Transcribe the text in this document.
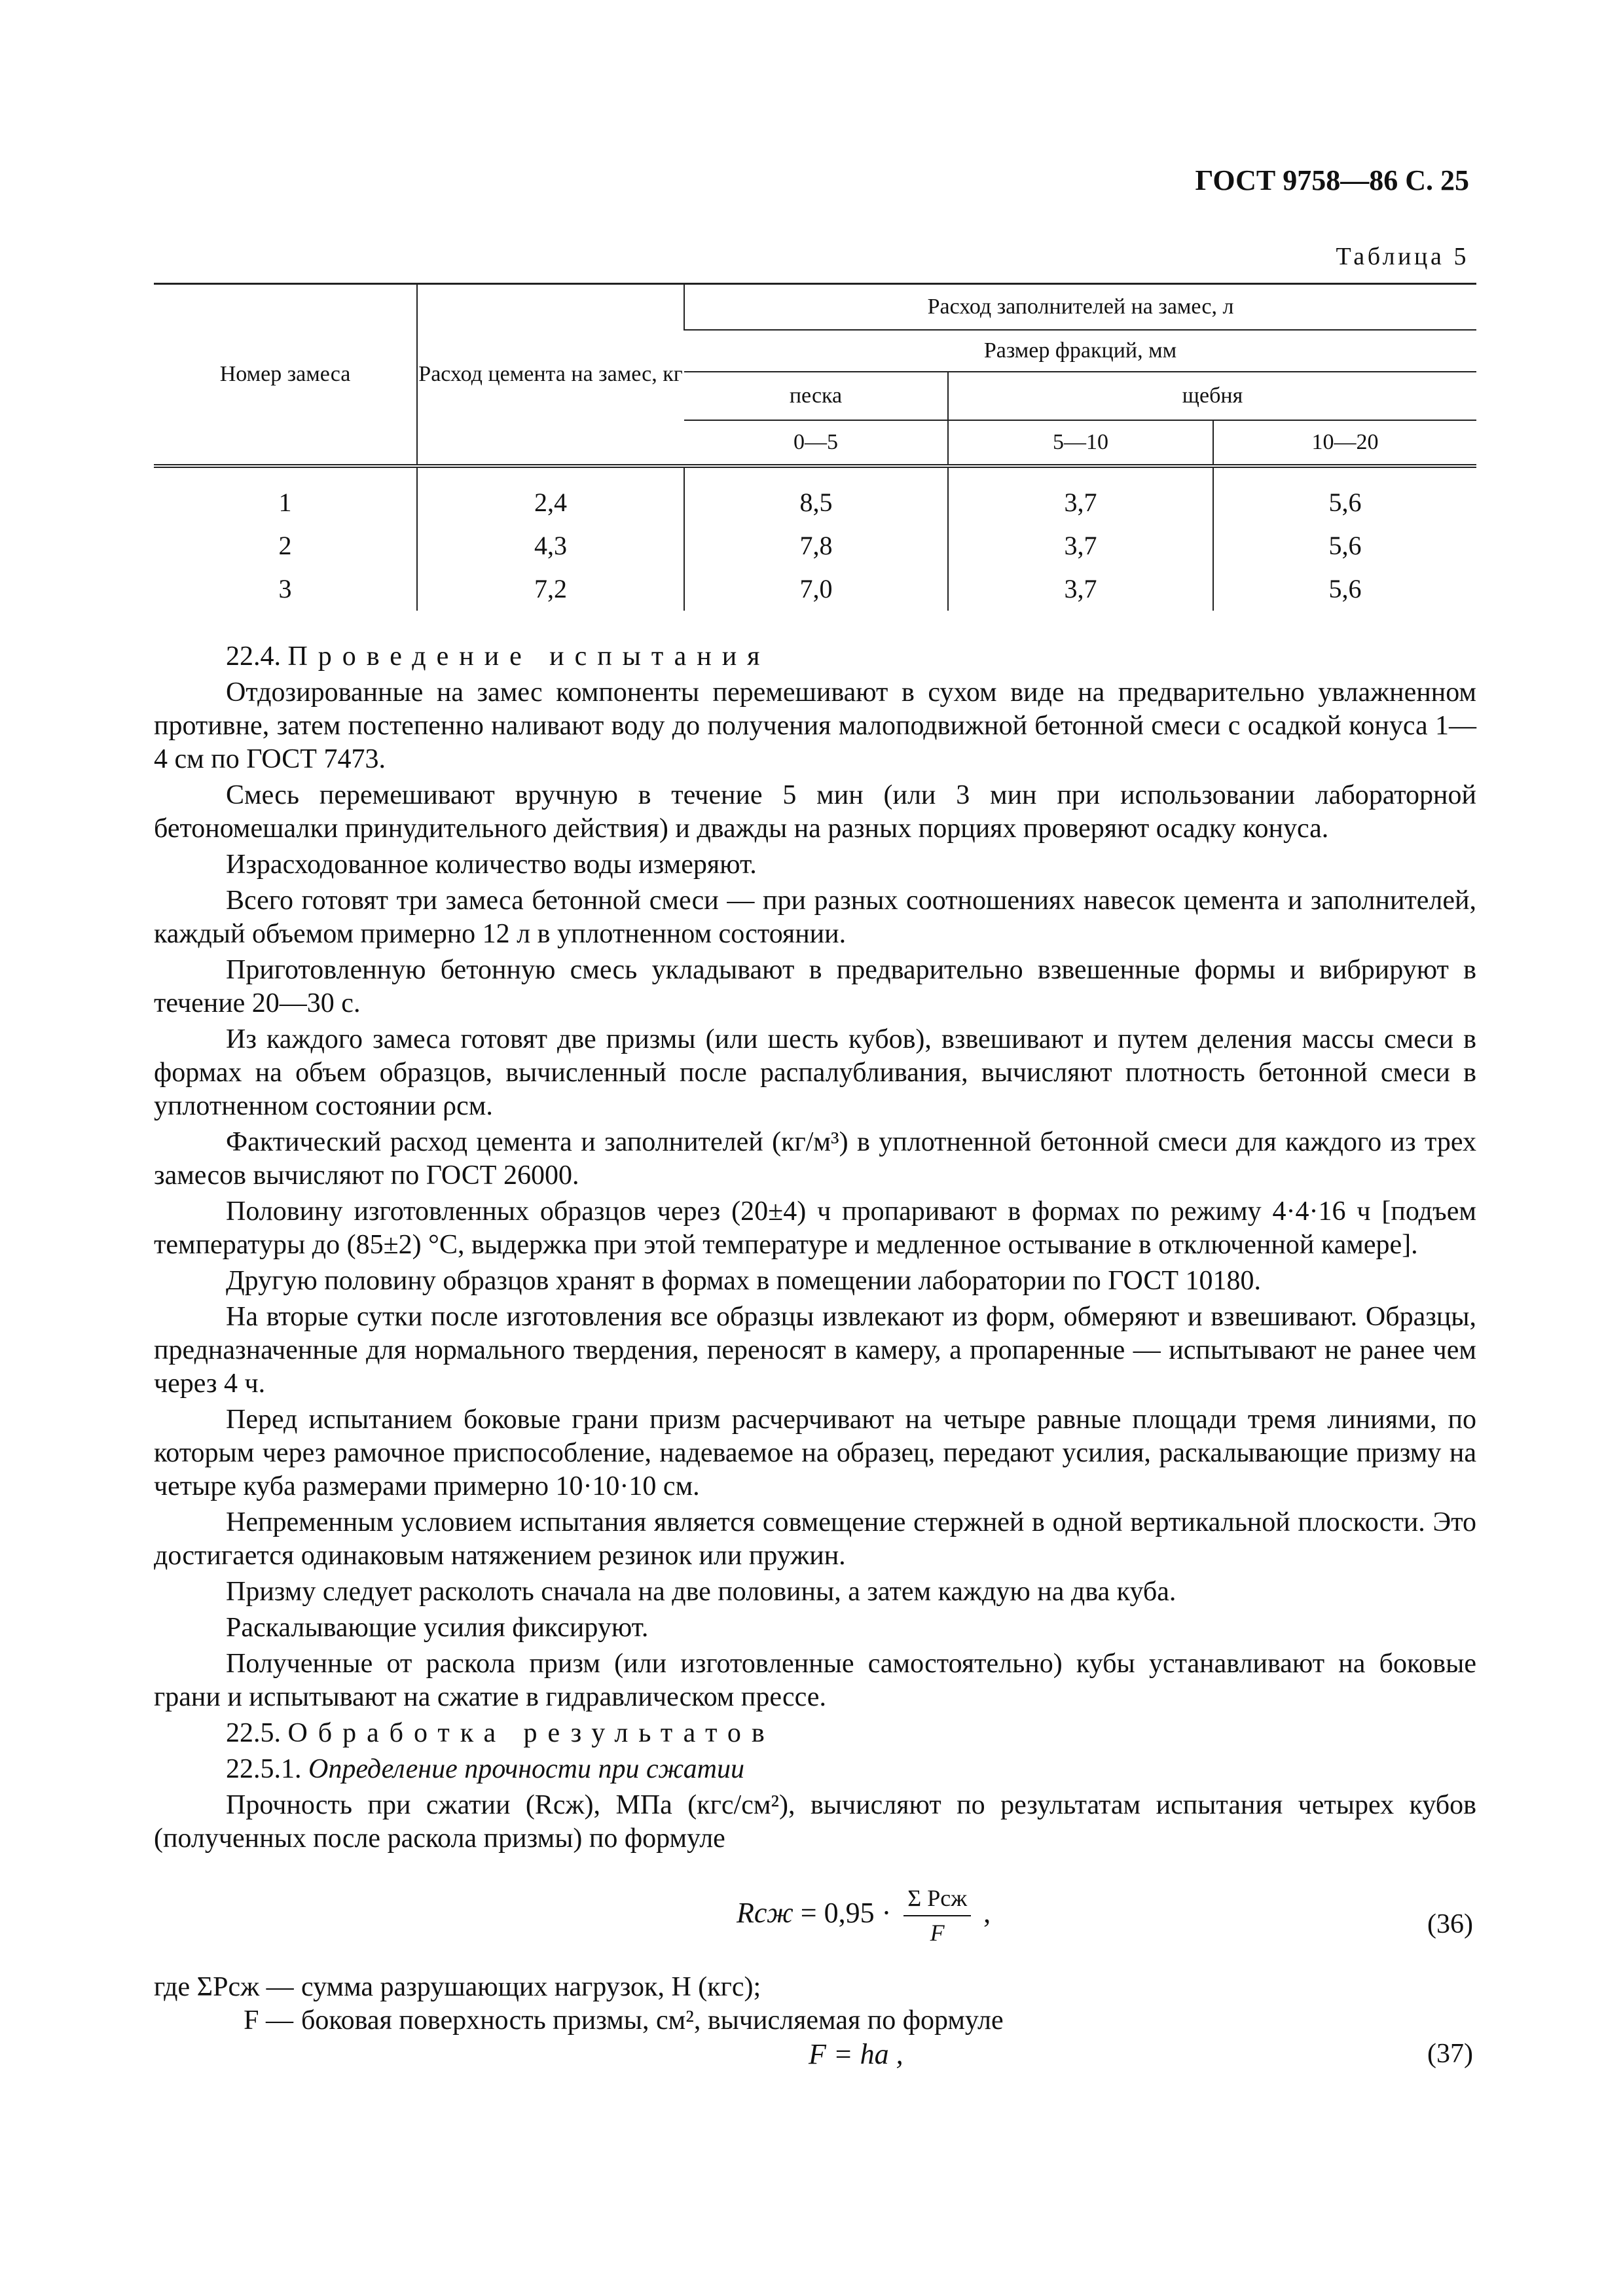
ГОСТ 9758—86 С. 25
Таблица 5
Номер замеса	Расход цемента на замес, кг	Расход заполнителей на замес, л		
		Размер фракций, мм		
		песка	щебня	
		0—5	5—10	10—20

1	2,4	8,5	3,7	5,6
2	4,3	7,8	3,7	5,6
3	7,2	7,0	3,7	5,6

22.4. Проведение испытания

Отдозированные на замес компоненты перемешивают в сухом виде на предварительно увлажненном противне, затем постепенно наливают воду до получения малоподвижной бетонной смеси с осадкой конуса 1—4 см по ГОСТ 7473.

Смесь перемешивают вручную в течение 5 мин (или 3 мин при использовании лабораторной бетономешалки принудительного действия) и дважды на разных порциях проверяют осадку конуса.

Израсходованное количество воды измеряют.

Всего готовят три замеса бетонной смеси — при разных соотношениях навесок цемента и заполнителей, каждый объемом примерно 12 л в уплотненном состоянии.

Приготовленную бетонную смесь укладывают в предварительно взвешенные формы и вибрируют в течение 20—30 с.

Из каждого замеса готовят две призмы (или шесть кубов), взвешивают и путем деления массы смеси в формах на объем образцов, вычисленный после распалубливания, вычисляют плотность бетонной смеси в уплотненном состоянии ρсм.

Фактический расход цемента и заполнителей (кг/м³) в уплотненной бетонной смеси для каждого из трех замесов вычисляют по ГОСТ 26000.

Половину изготовленных образцов через (20±4) ч пропаривают в формах по режиму 4·4·16 ч [подъем температуры до (85±2) °С, выдержка при этой температуре и медленное остывание в отключенной камере].

Другую половину образцов хранят в формах в помещении лаборатории по ГОСТ 10180.

На вторые сутки после изготовления все образцы извлекают из форм, обмеряют и взвешивают. Образцы, предназначенные для нормального твердения, переносят в камеру, а пропаренные — испытывают не ранее чем через 4 ч.

Перед испытанием боковые грани призм расчерчивают на четыре равные площади тремя линиями, по которым через рамочное приспособление, надеваемое на образец, передают усилия, раскалывающие призму на четыре куба размерами примерно 10·10·10 см.

Непременным условием испытания является совмещение стержней в одной вертикальной плоскости. Это достигается одинаковым натяжением резинок или пружин.

Призму следует расколоть сначала на две половины, а затем каждую на два куба.

Раскалывающие усилия фиксируют.

Полученные от раскола призм (или изготовленные самостоятельно) кубы устанавливают на боковые грани и испытывают на сжатие в гидравлическом прессе.

22.5. Обработка результатов

22.5.1. Определение прочности при сжатии

Прочность при сжатии (Rсж), МПа (кгс/см²), вычисляют по результатам испытания четырех кубов (полученных после раскола призмы) по формуле

Rсж = $0,95 \cdot \frac{\text{Σ Pсж}}{F}$ ,	(36)
где ΣPсж — сумма разрушающих нагрузок, Н (кгс);
F — боковая поверхность призмы, см², вычисляемая по формуле
F = ha ,	(37)
